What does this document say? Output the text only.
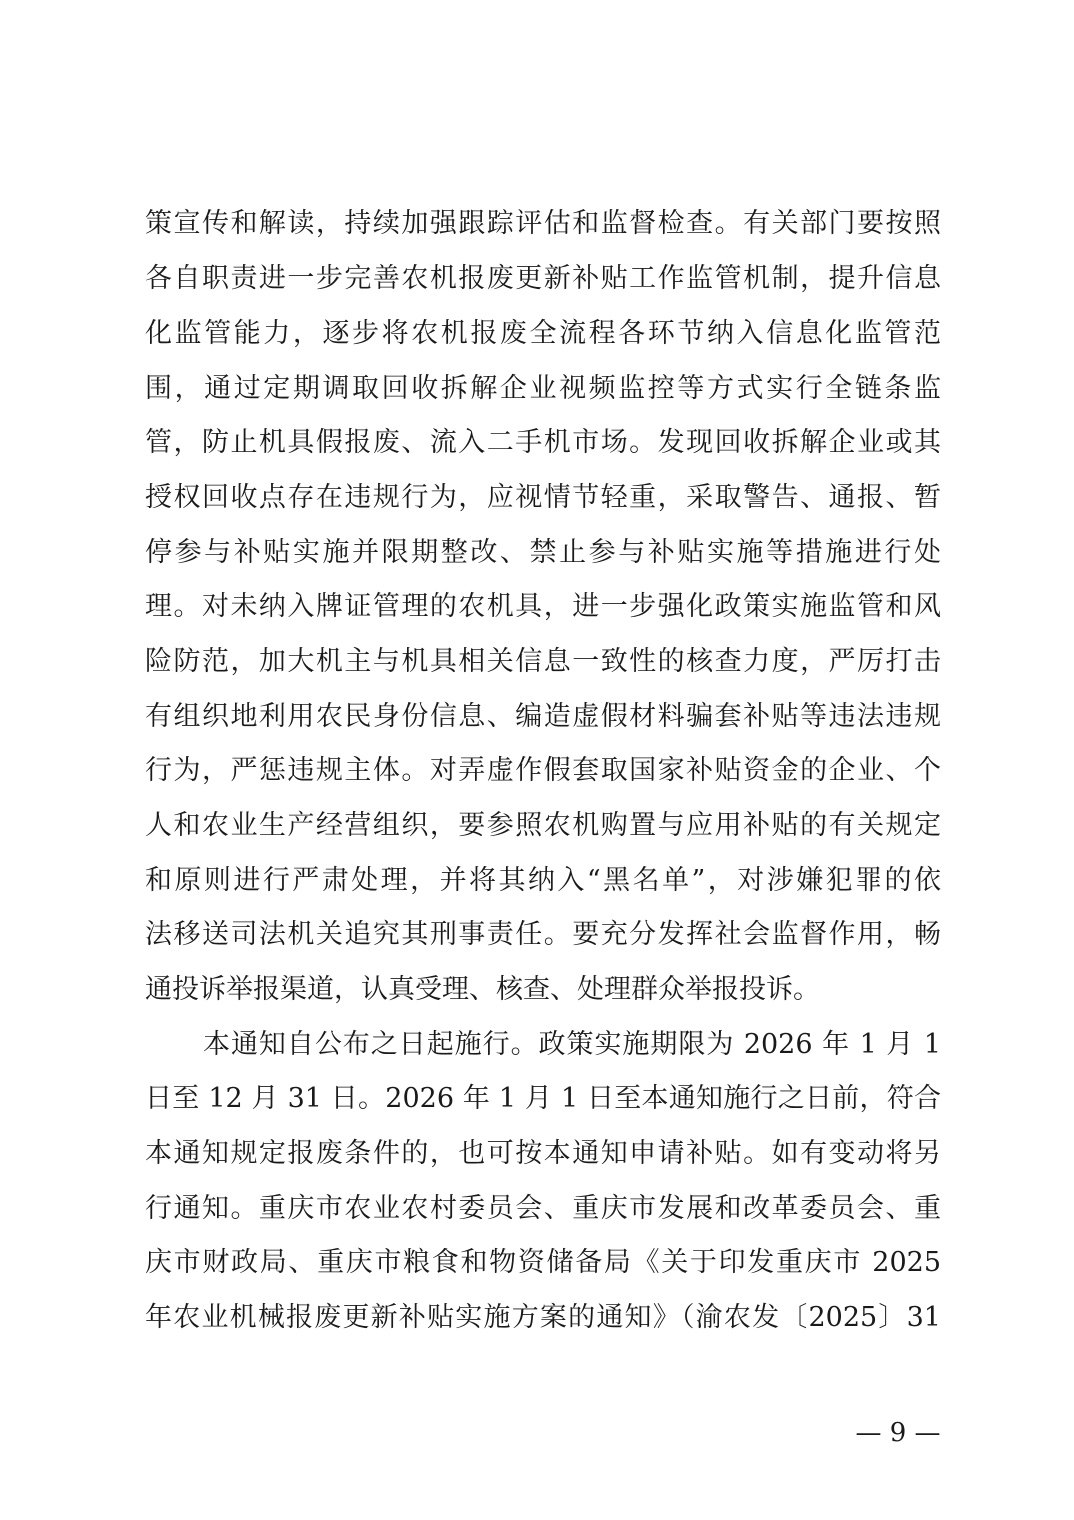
策宣传和解读，持续加强跟踪评估和监督检查。有关部门要按照
各自职责进一步完善农机报废更新补贴工作监管机制，提升信息
化监管能力，逐步将农机报废全流程各环节纳入信息化监管范
围，通过定期调取回收拆解企业视频监控等方式实行全链条监
管，防止机具假报废、流入二手机市场。发现回收拆解企业或其
授权回收点存在违规行为，应视情节轻重，采取警告、通报、暂
停参与补贴实施并限期整改、禁止参与补贴实施等措施进行处
理。对未纳入牌证管理的农机具，进一步强化政策实施监管和风
险防范，加大机主与机具相关信息一致性的核查力度，严厉打击
有组织地利用农民身份信息、编造虚假材料骗套补贴等违法违规
行为，严惩违规主体。对弄虚作假套取国家补贴资金的企业、个
人和农业生产经营组织，要参照农机购置与应用补贴的有关规定
和原则进行严肃处理，并将其纳入“黑名单”，对涉嫌犯罪的依
法移送司法机关追究其刑事责任。要充分发挥社会监督作用，畅
通投诉举报渠道，认真受理、核查、处理群众举报投诉。
本通知自公布之日起施行。政策实施期限为 2026 年 1 月 1
日至 12 月 31 日。2026 年 1 月 1 日至本通知施行之日前，符合
本通知规定报废条件的，也可按本通知申请补贴。如有变动将另
行通知。重庆市农业农村委员会、重庆市发展和改革委员会、重
庆市财政局、重庆市粮食和物资储备局《关于印发重庆市 2025
年农业机械报废更新补贴实施方案的通知》（渝农发〔2025〕31
— 9 —
